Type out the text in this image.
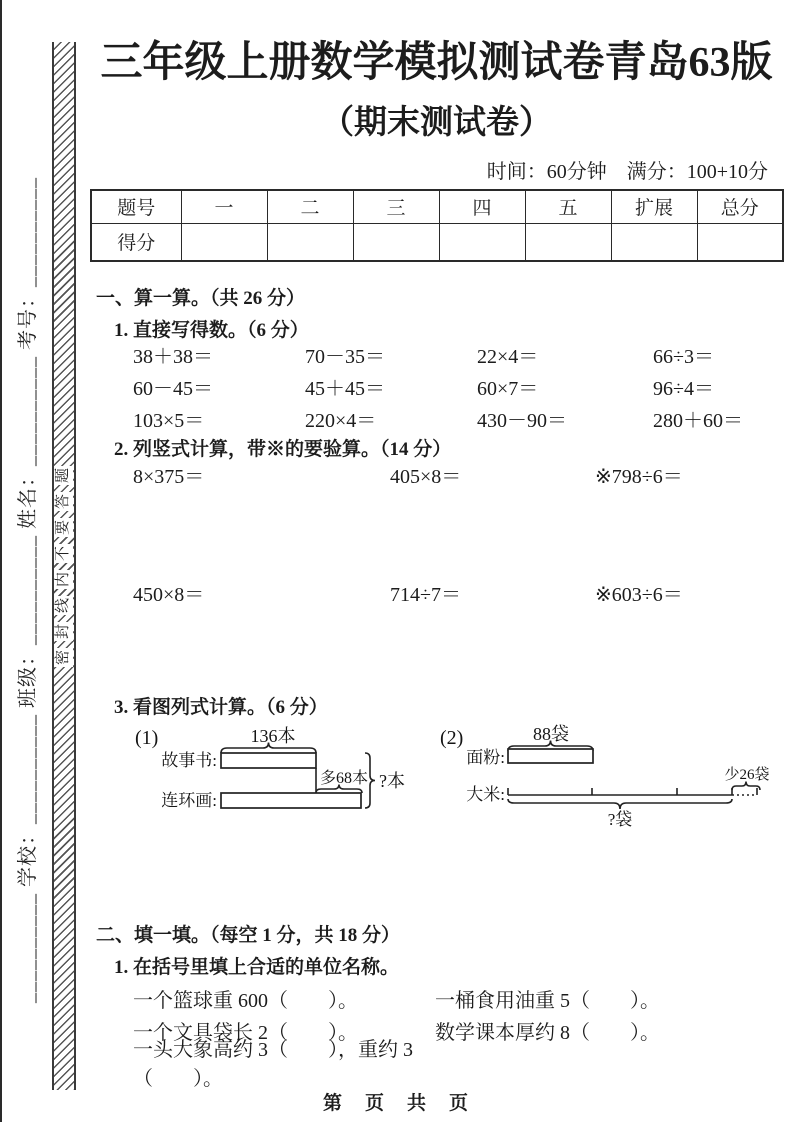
__________ 学校：__________ 班级：__________ 姓名：__________ 考号：__________	密
封
线
内
不
要
答
题
三年级上册数学模拟测试卷青岛63版
（期末测试卷）
时间：60分钟　满分：100+10分
题号	一	二	三	四	五	扩展	总分
得分							
一、算一算。（共 26 分）
1. 直接写得数。（6 分）
38＋38＝	70－35＝	22×4＝	66÷3＝
60－45＝	45＋45＝	60×7＝	96÷4＝
103×5＝	220×4＝	430－90＝	280＋60＝
2. 列竖式计算，带※的要验算。（14 分）
8×375＝	405×8＝	※798÷6＝
450×8＝	714÷7＝	※603÷6＝
3. 看图列式计算。（6 分）
(1)	136本
故事书:
多68本
连环画:
?本
(2)	88袋
面粉:
少26袋
大米:
?袋
二、填一填。（每空 1 分，共 18 分）
1. 在括号里填上合适的单位名称。
一个篮球重 600（　　）。	一桶食用油重 5（　　）。
一个文具袋长 2（　　）。	数学课本厚约 8（　　）。
一头大象高约 3（　　），重约 3（　　）。
第　页　共　页
